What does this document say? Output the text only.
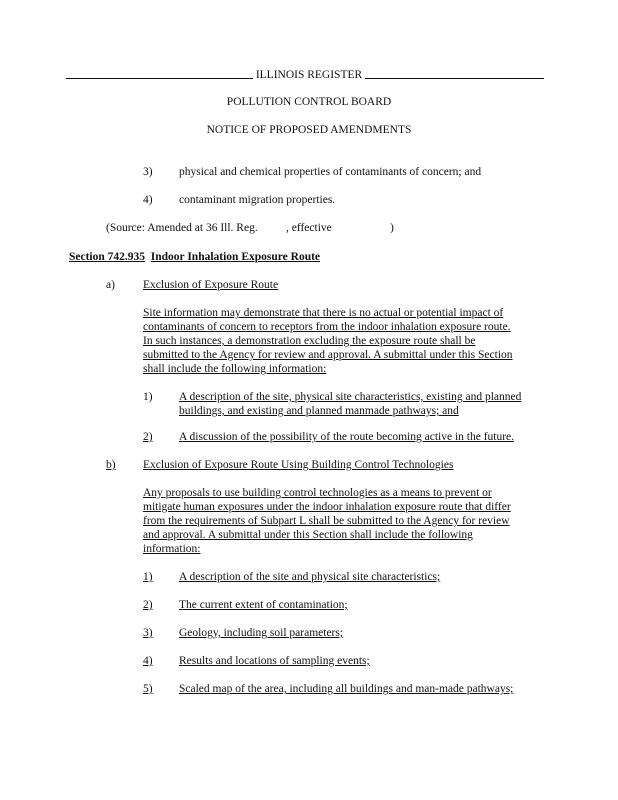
ILLINOIS REGISTER
POLLUTION CONTROL BOARD
NOTICE OF PROPOSED AMENDMENTS
3) physical and chemical properties of contaminants of concern; and
4) contaminant migration properties.
(Source: Amended at 36 Ill. Reg. , effective	)
Section 742.935 Indoor Inhalation Exposure Route
a) Exclusion of Exposure Route
Site information may demonstrate that there is no actual or potential impact of
contaminants of concern to receptors from the indoor inhalation exposure route.
In such instances, a demonstration excluding the exposure route shall be
submitted to the Agency for review and approval. A submittal under this Section
shall include the following information:
1) A description of the site, physical site characteristics, existing and planned
buildings, and existing and planned manmade pathways; and
2) A discussion of the possibility of the route becoming active in the future.
b) Exclusion of Exposure Route Using Building Control Technologies
Any proposals to use building control technologies as a means to prevent or
mitigate human exposures under the indoor inhalation exposure route that differ
from the requirements of Subpart L shall be submitted to the Agency for review
and approval. A submittal under this Section shall include the following
information:
1) A description of the site and physical site characteristics;
2) The current extent of contamination;
3) Geology, including soil parameters;
4) Results and locations of sampling events;
5) Scaled map of the area, including all buildings and man-made pathways;
